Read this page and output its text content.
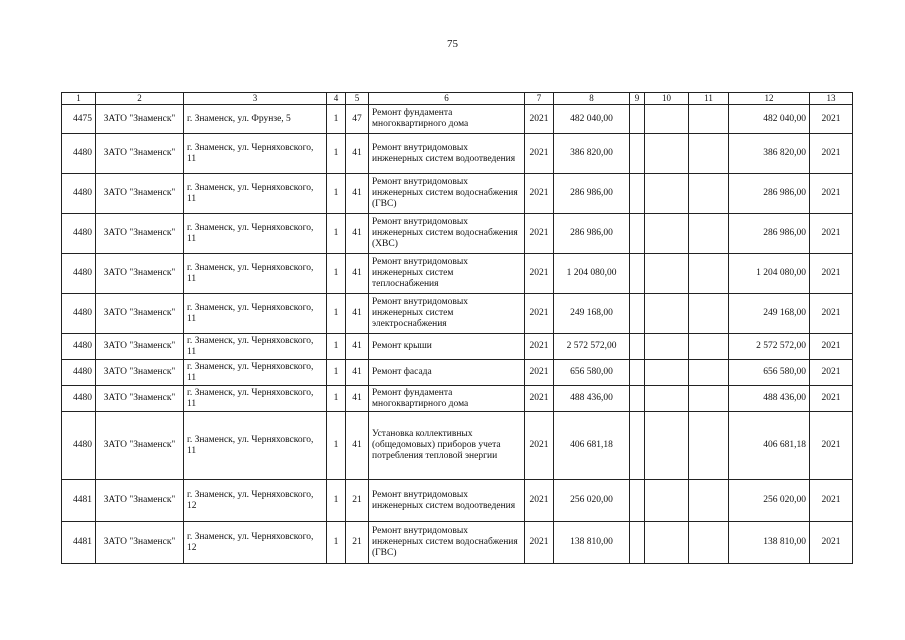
75
1	2	3	4	5	6	7	8	9	10	11	12	13
4475	ЗАТО "Знаменск"	г. Знаменск, ул. Фрунзе, 5	1	47	Ремонт фундамента многоквартирного дома	2021	482 040,00				482 040,00	2021
4480	ЗАТО "Знаменск"	г. Знаменск, ул. Черняховского, 11	1	41	Ремонт внутридомовых инженерных систем водоотведения	2021	386 820,00				386 820,00	2021
4480	ЗАТО "Знаменск"	г. Знаменск, ул. Черняховского, 11	1	41	Ремонт внутридомовых инженерных систем водоснабжения (ГВС)	2021	286 986,00				286 986,00	2021
4480	ЗАТО "Знаменск"	г. Знаменск, ул. Черняховского, 11	1	41	Ремонт внутридомовых инженерных систем водоснабжения (ХВС)	2021	286 986,00				286 986,00	2021
4480	ЗАТО "Знаменск"	г. Знаменск, ул. Черняховского, 11	1	41	Ремонт внутридомовых инженерных систем теплоснабжения	2021	1 204 080,00				1 204 080,00	2021
4480	ЗАТО "Знаменск"	г. Знаменск, ул. Черняховского, 11	1	41	Ремонт внутридомовых инженерных систем электроснабжения	2021	249 168,00				249 168,00	2021
4480	ЗАТО "Знаменск"	г. Знаменск, ул. Черняховского, 11	1	41	Ремонт крыши	2021	2 572 572,00				2 572 572,00	2021
4480	ЗАТО "Знаменск"	г. Знаменск, ул. Черняховского, 11	1	41	Ремонт фасада	2021	656 580,00				656 580,00	2021
4480	ЗАТО "Знаменск"	г. Знаменск, ул. Черняховского, 11	1	41	Ремонт фундамента многоквартирного дома	2021	488 436,00				488 436,00	2021
4480	ЗАТО "Знаменск"	г. Знаменск, ул. Черняховского, 11	1	41	Установка коллективных (общедомовых) приборов учета потребления тепловой энергии	2021	406 681,18				406 681,18	2021
4481	ЗАТО "Знаменск"	г. Знаменск, ул. Черняховского, 12	1	21	Ремонт внутридомовых инженерных систем водоотведения	2021	256 020,00				256 020,00	2021
4481	ЗАТО "Знаменск"	г. Знаменск, ул. Черняховского, 12	1	21	Ремонт внутридомовых инженерных систем водоснабжения (ГВС)	2021	138 810,00				138 810,00	2021
